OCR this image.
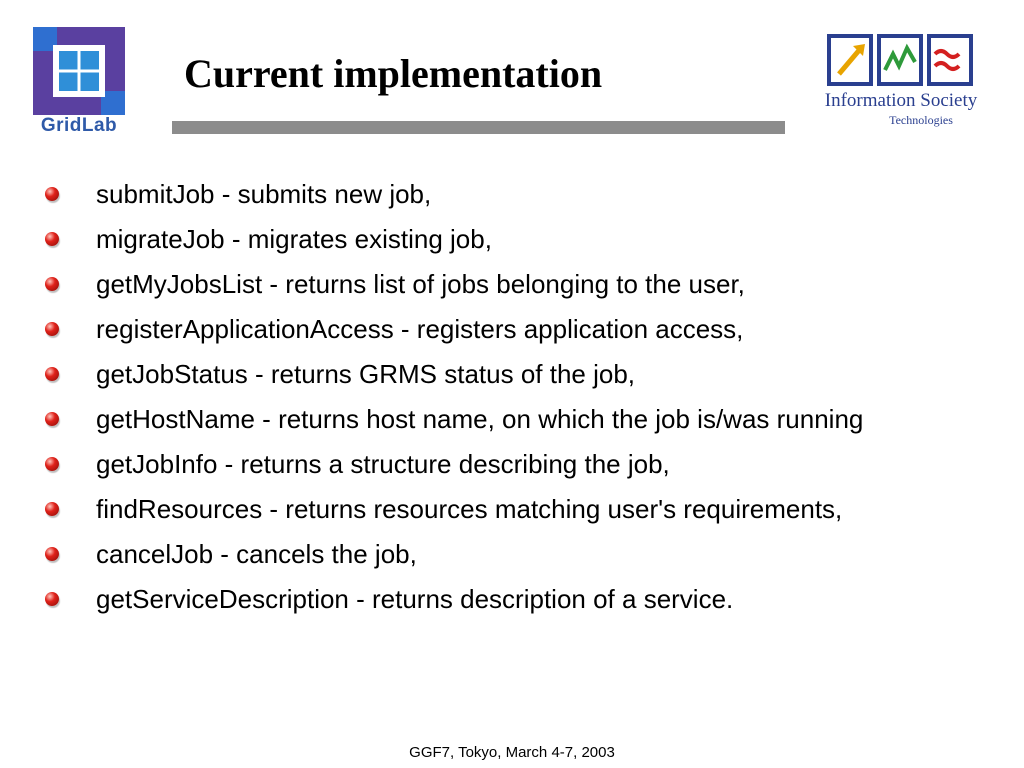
GridLab
Current implementation
Information Society
Technologies
submitJob - submits new job,
migrateJob - migrates existing job,
getMyJobsList - returns list of jobs belonging to the user,
registerApplicationAccess - registers application access,
getJobStatus - returns GRMS status of the job,
getHostName - returns host name, on which the job is/was running
getJobInfo - returns a structure describing the job,
findResources - returns resources matching user's requirements,
cancelJob - cancels the job,
getServiceDescription - returns description of a service.

GGF7, Tokyo, March 4-7, 2003
